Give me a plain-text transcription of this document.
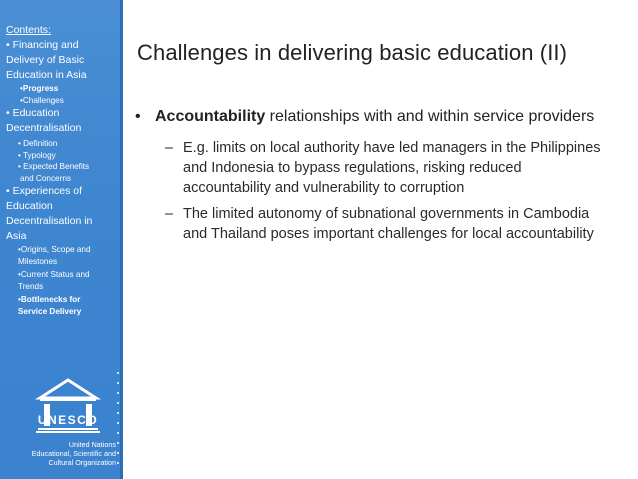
Contents:
• Financing and
Delivery of Basic
Education in Asia
•Progress
•Challenges
• Education
Decentralisation
• Definition
• Typology
• Expected Benefits
and Concerns
• Experiences of
Education
Decentralisation in
Asia
•Origins, Scope and
Milestones
•Current Status and
Trends
•Bottlenecks for
Service Delivery
UNESCO
United Nations
Educational, Scientific and
Cultural Organization
Challenges in delivering basic education (II)
• Accountability relationships with and within service providers
– E.g. limits on local authority have led managers in the Philippines and Indonesia to bypass regulations, risking reduced accountability and vulnerability to corruption
– The limited autonomy of subnational governments in Cambodia and Thailand poses important challenges for local accountability
